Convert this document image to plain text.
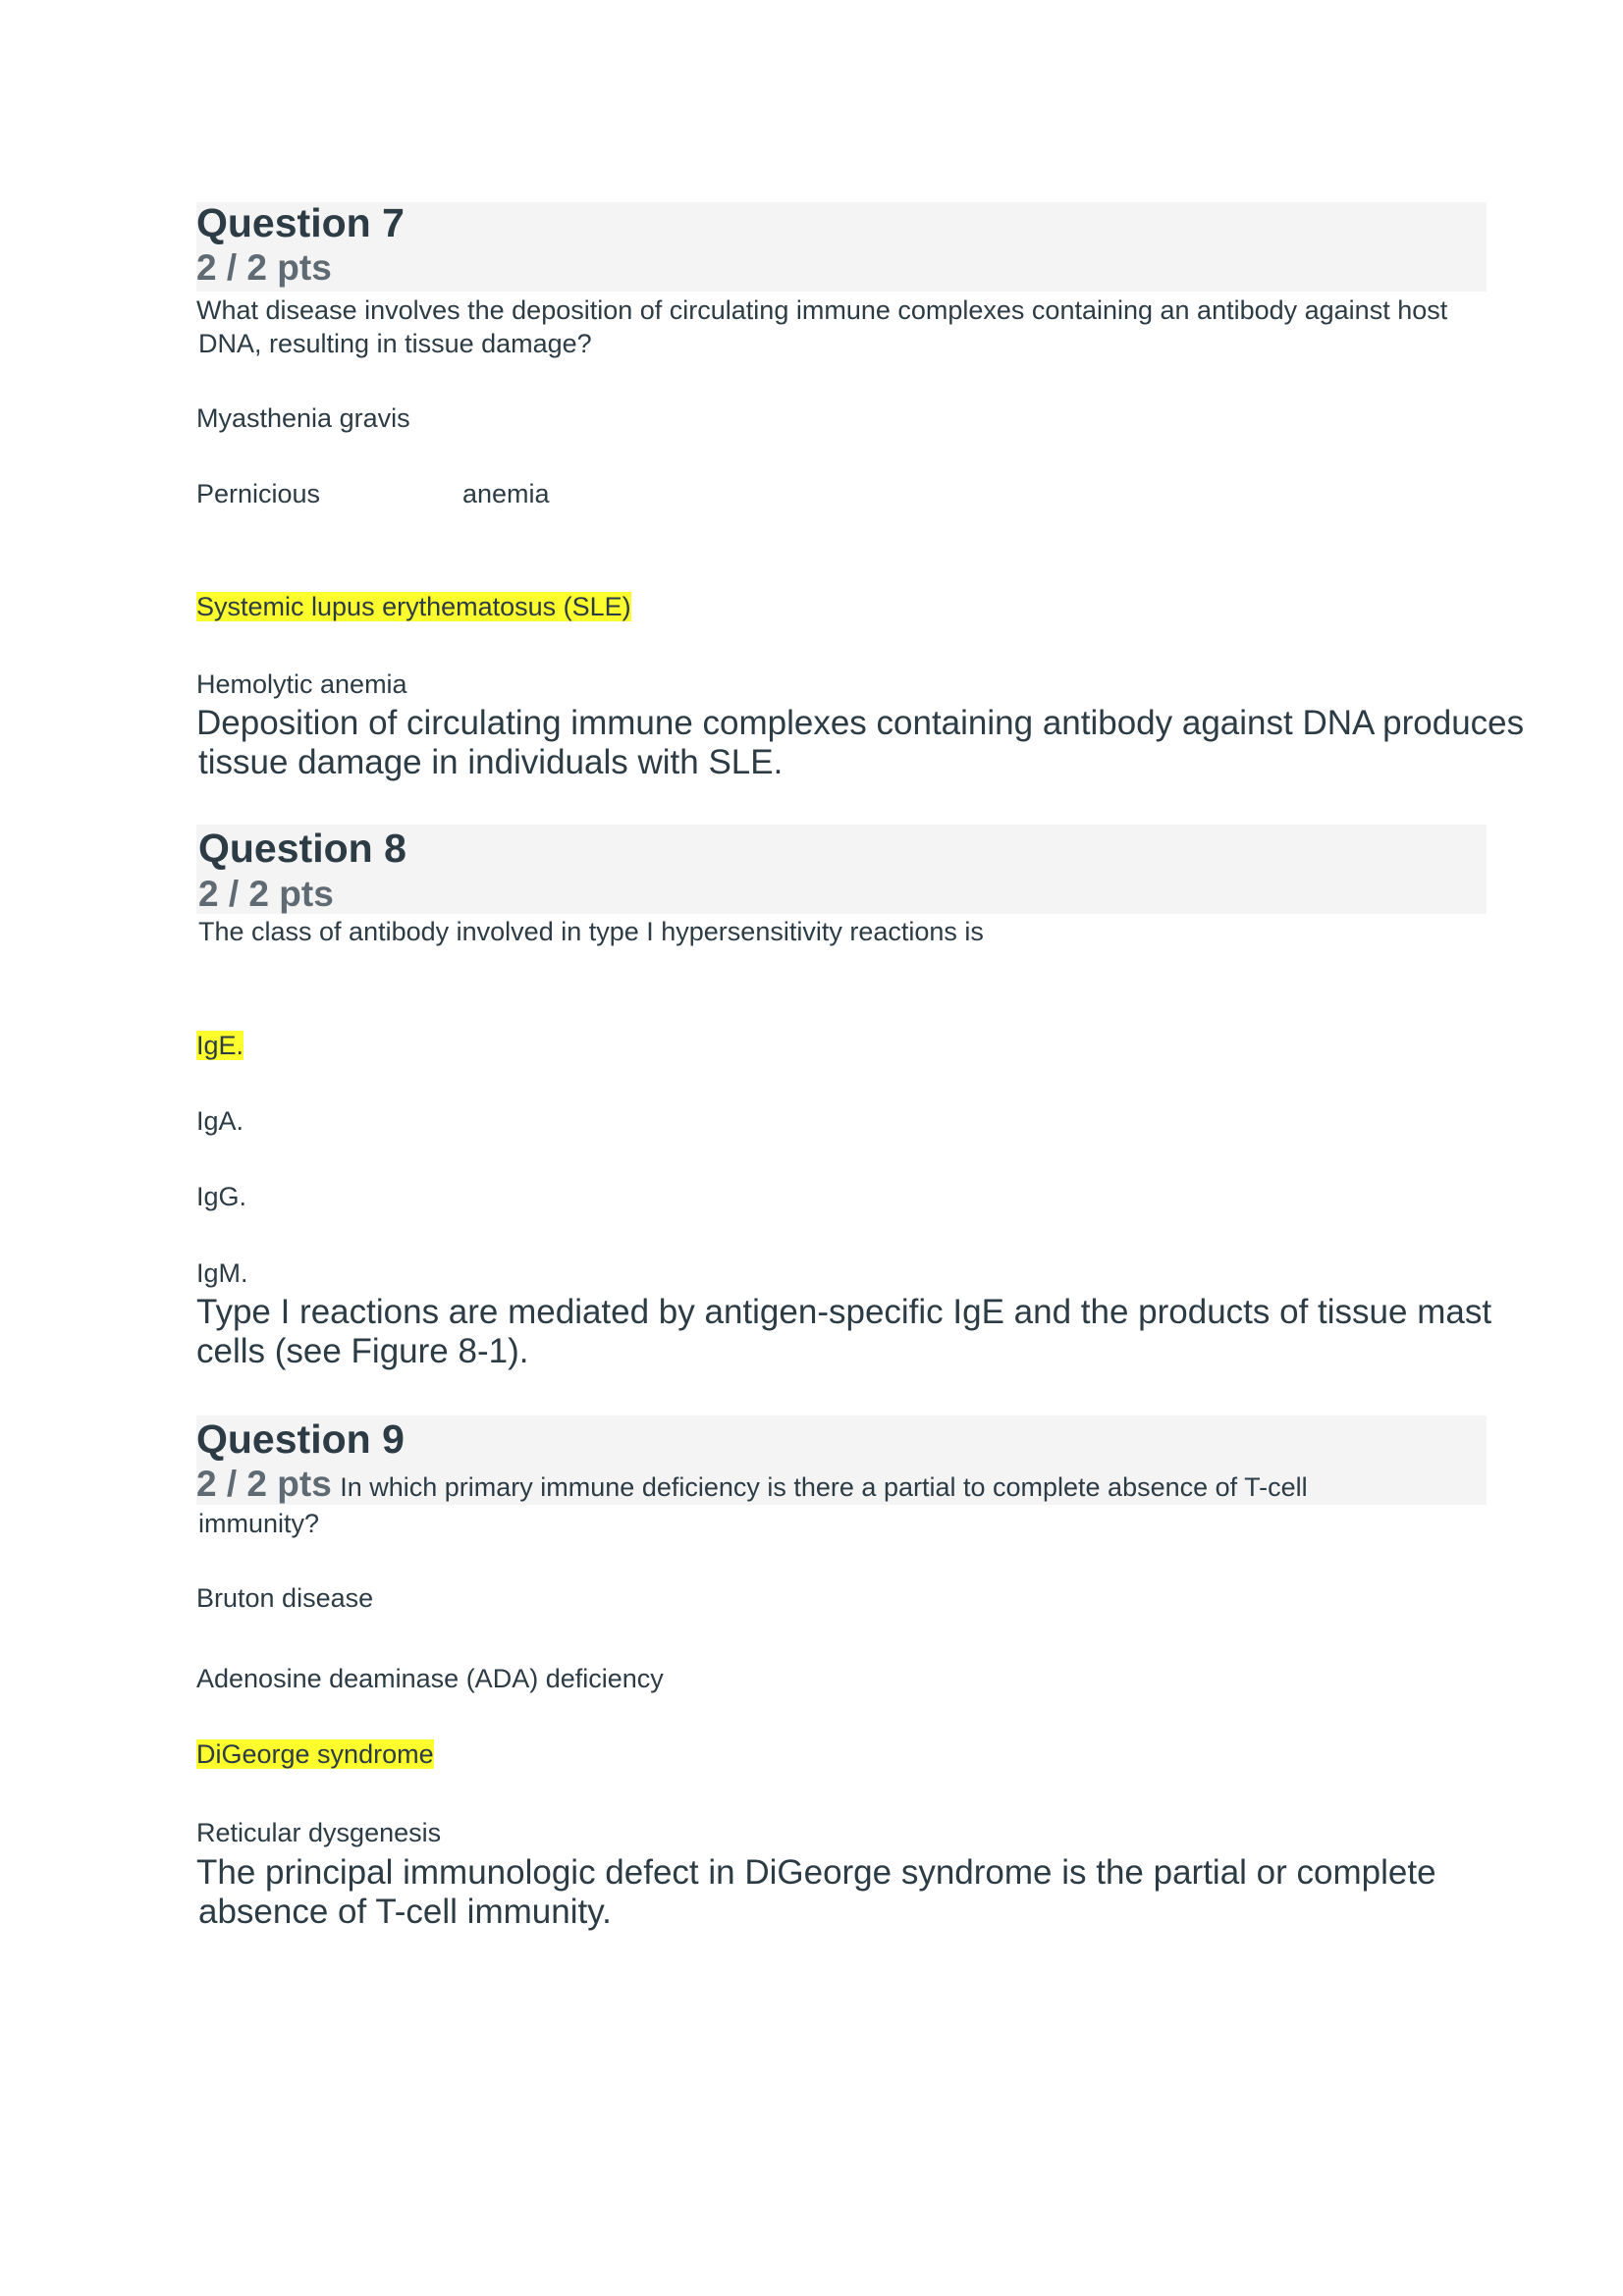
Question 7
2 / 2 pts
What disease involves the deposition of circulating immune complexes containing an antibody against host
DNA, resulting in tissue damage?
Myasthenia gravis
Pernicious	anemia
Systemic lupus erythematosus (SLE)
Hemolytic anemia
Deposition of circulating immune complexes containing antibody against DNA produces
tissue damage in individuals with SLE.
Question 8
2 / 2 pts
The class of antibody involved in type I hypersensitivity reactions is
IgE.
IgA.
IgG.
IgM.
Type I reactions are mediated by antigen-specific IgE and the products of tissue mast
cells (see Figure 8-1).
Question 9
2 / 2 pts In which primary immune deficiency is there a partial to complete absence of T-cell
immunity?
Bruton disease
Adenosine deaminase (ADA) deficiency
DiGeorge syndrome
Reticular dysgenesis
The principal immunologic defect in DiGeorge syndrome is the partial or complete
absence of T-cell immunity.
